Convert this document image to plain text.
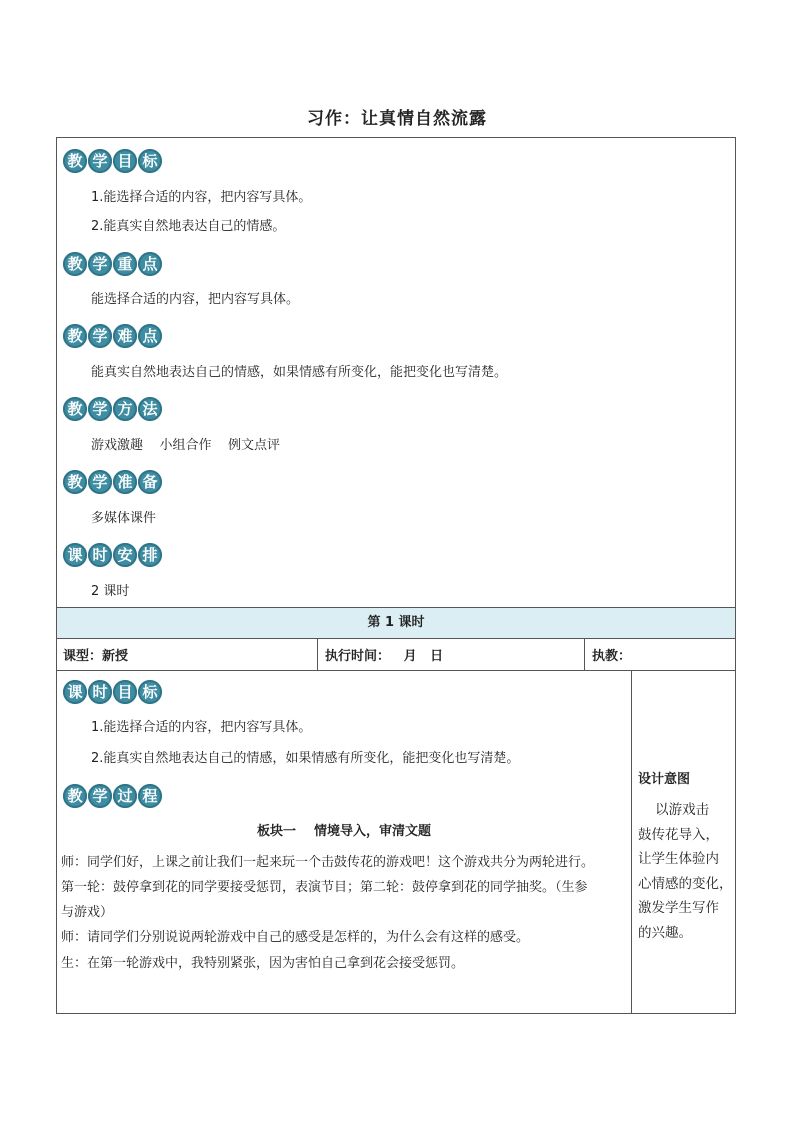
习作：让真情自然流露
教 学 目 标
1.能选择合适的内容，把内容写具体。
2.能真实自然地表达自己的情感。
教 学 重 点
能选择合适的内容，把内容写具体。
教 学 难 点
能真实自然地表达自己的情感，如果情感有所变化，能把变化也写清楚。
教 学 方 法
游戏激趣    小组合作    例文点评
教 学 准 备
多媒体课件
课 时 安 排
2 课时
第 1 课时
课型：新授	执行时间：   月   日	执教：
课 时 目 标
1.能选择合适的内容，把内容写具体。
2.能真实自然地表达自己的情感，如果情感有所变化，能把变化也写清楚。
教 学 过 程
板块一    情境导入，审清文题
师：同学们好，上课之前让我们一起来玩一个击鼓传花的游戏吧！这个游戏共分为两轮进行。
第一轮：鼓停拿到花的同学要接受惩罚，表演节目；第二轮：鼓停拿到花的同学抽奖。（生参
与游戏）
师：请同学们分别说说两轮游戏中自己的感受是怎样的，为什么会有这样的感受。
生：在第一轮游戏中，我特别紧张，因为害怕自己拿到花会接受惩罚。
设计意图
以游戏击
鼓传花导入，
让学生体验内
心情感的变化，
激发学生写作
的兴趣。
